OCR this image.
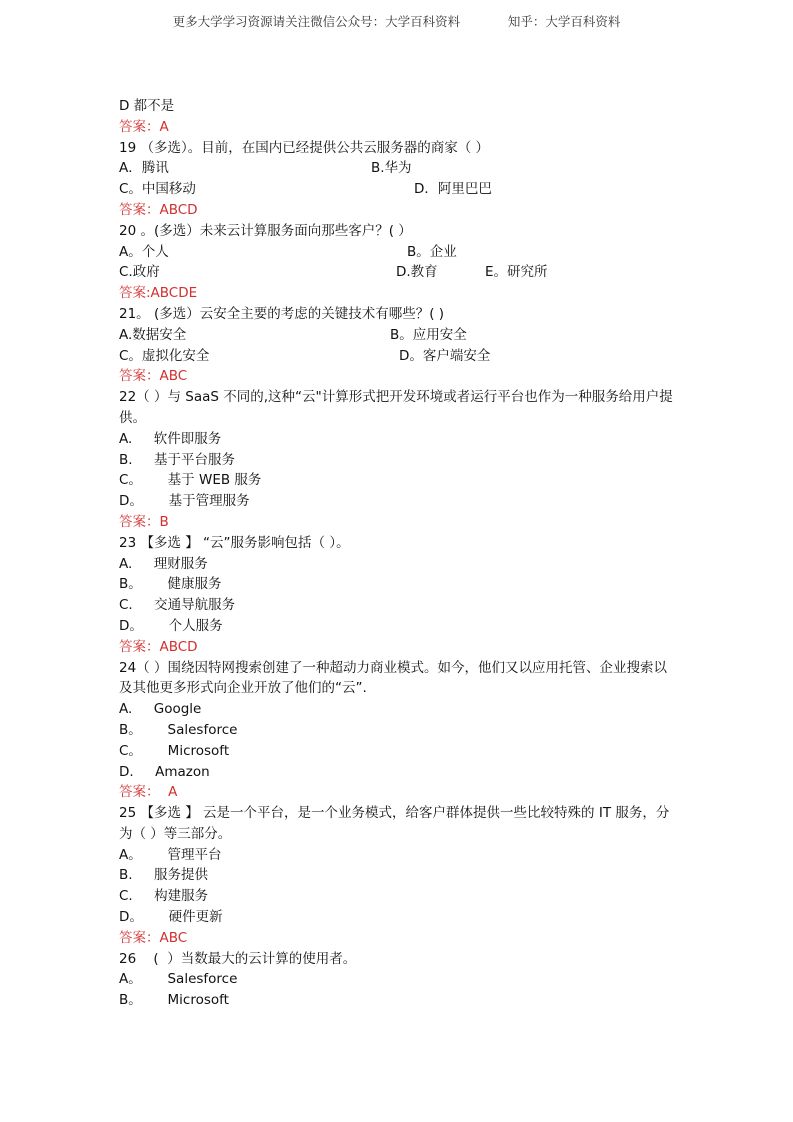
更多大学学习资源请关注微信公众号：大学百科资料	知乎：大学百科资料
D 都不是
答案：A
19 （多选）。目前，在国内已经提供公共云服务器的商家（ ）
A．腾讯	B.华为
C。中国移动	D．阿里巴巴
答案：ABCD
20 。(多选）未来云计算服务面向那些客户？( ）
A。个人	B。企业
C.政府	D.教育	E。研究所
答案:ABCDE
21。 (多选）云安全主要的考虑的关键技术有哪些？( )
A.数据安全	B。应用安全
C。虚拟化安全	D。客户端安全
答案：ABC
22（ ）与 SaaS 不同的,这种“云"计算形式把开发环境或者运行平台也作为一种服务给用户提供。
A.     软件即服务
B.     基于平台服务
C。      基于 WEB 服务
D。      基于管理服务
答案：B
23 【多选 】 “云”服务影响包括（ ）。
A.     理财服务
B。      健康服务
C.     交通导航服务
D。      个人服务
答案：ABCD
24（ ）围绕因特网搜索创建了一种超动力商业模式。如今，他们又以应用托管、企业搜索以及其他更多形式向企业开放了他们的“云”.
A.     Google
B。      Salesforce
C。      Microsoft
D.     Amazon
答案：  A
25 【多选 】 云是一个平台，是一个业务模式，给客户群体提供一些比较特殊的 IT 服务，分为（ ）等三部分。
A。      管理平台
B.     服务提供
C.     构建服务
D。      硬件更新
答案：ABC
26    (  ）当数最大的云计算的使用者。
A。      Salesforce
B。      Microsoft
